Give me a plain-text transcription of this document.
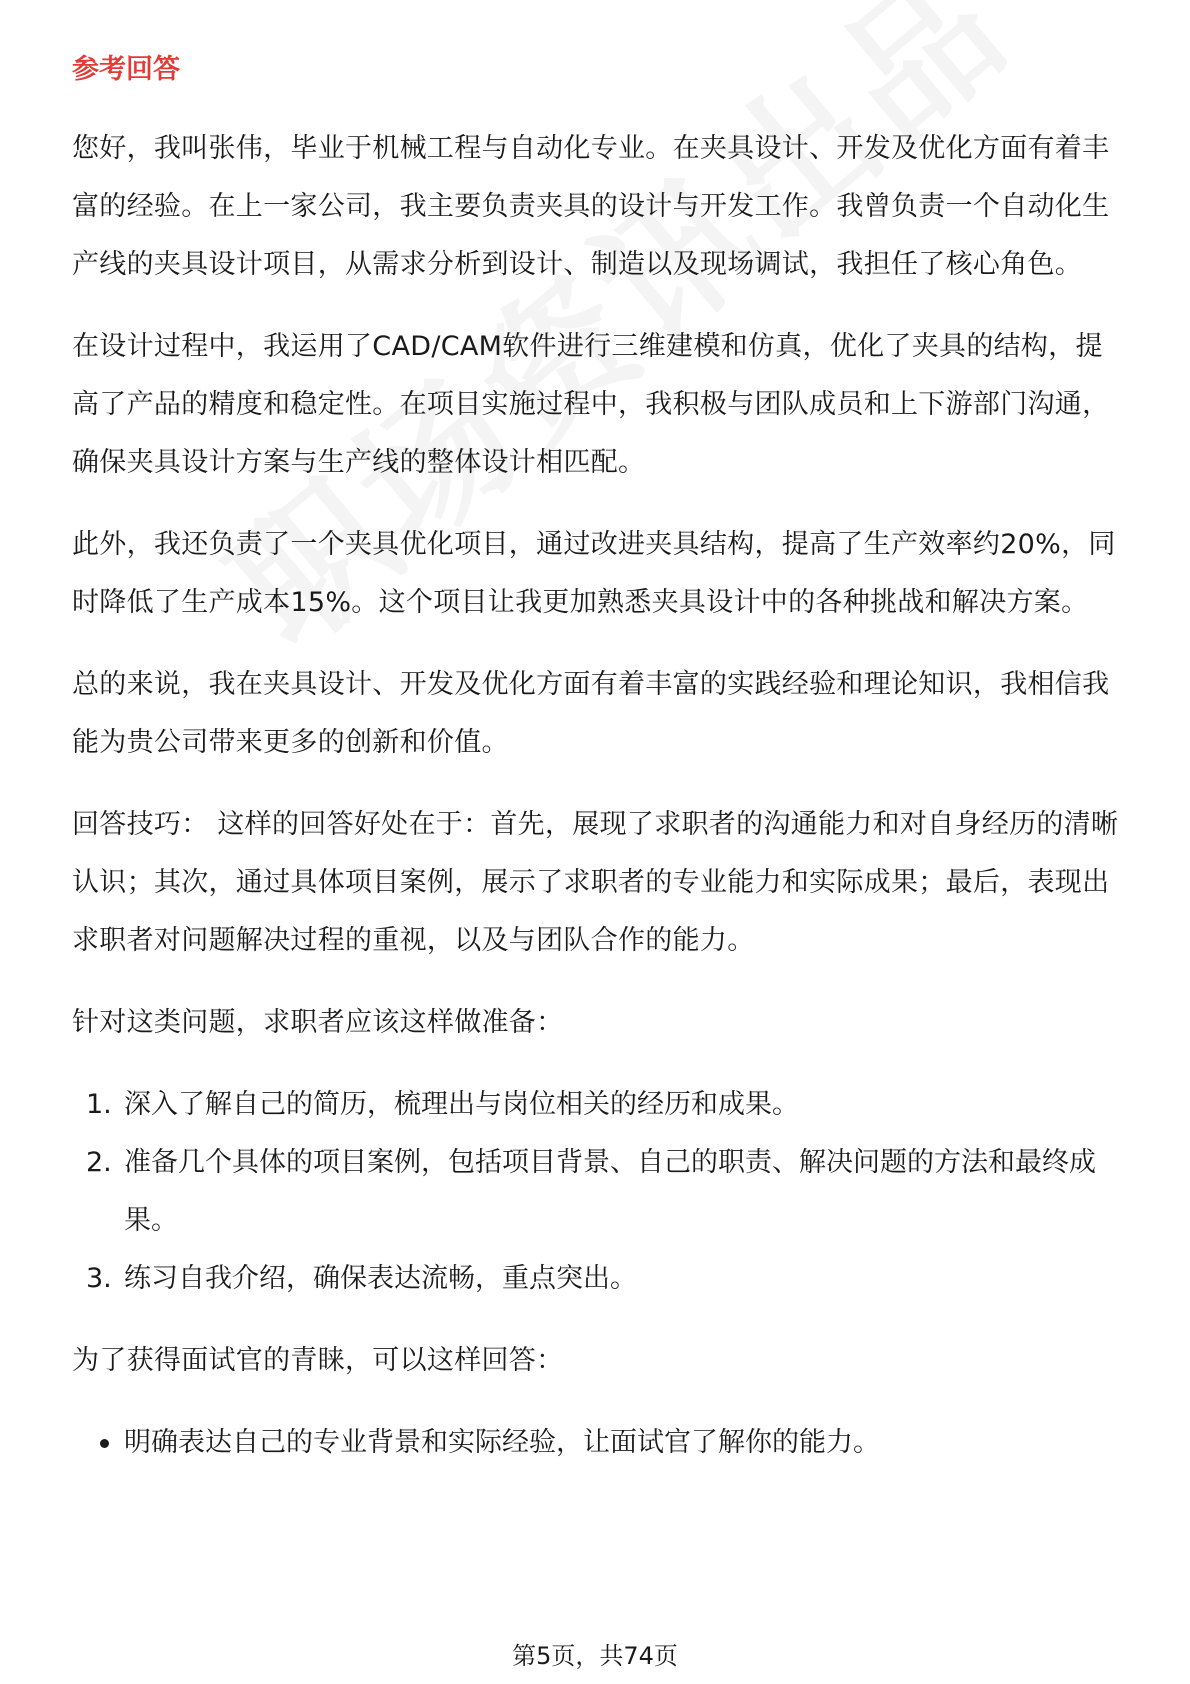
参考回答

您好，我叫张伟，毕业于机械工程与自动化专业。在夹具设计、开发及优化方面有着丰富的经验。在上一家公司，我主要负责夹具的设计与开发工作。我曾负责一个自动化生产线的夹具设计项目，从需求分析到设计、制造以及现场调试，我担任了核心角色。

在设计过程中，我运用了CAD/CAM软件进行三维建模和仿真，优化了夹具的结构，提高了产品的精度和稳定性。在项目实施过程中，我积极与团队成员和上下游部门沟通，确保夹具设计方案与生产线的整体设计相匹配。

此外，我还负责了一个夹具优化项目，通过改进夹具结构，提高了生产效率约20%，同时降低了生产成本15%。这个项目让我更加熟悉夹具设计中的各种挑战和解决方案。

总的来说，我在夹具设计、开发及优化方面有着丰富的实践经验和理论知识，我相信我能为贵公司带来更多的创新和价值。

回答技巧： 这样的回答好处在于：首先，展现了求职者的沟通能力和对自身经历的清晰认识；其次，通过具体项目案例，展示了求职者的专业能力和实际成果；最后，表现出求职者对问题解决过程的重视，以及与团队合作的能力。

针对这类问题，求职者应该这样做准备：

1. 深入了解自己的简历，梳理出与岗位相关的经历和成果。
2. 准备几个具体的项目案例，包括项目背景、自己的职责、解决问题的方法和最终成果。
3. 练习自我介绍，确保表达流畅，重点突出。

为了获得面试官的青睐，可以这样回答：

明确表达自己的专业背景和实际经验，让面试官了解你的能力。
第5页，共74页
